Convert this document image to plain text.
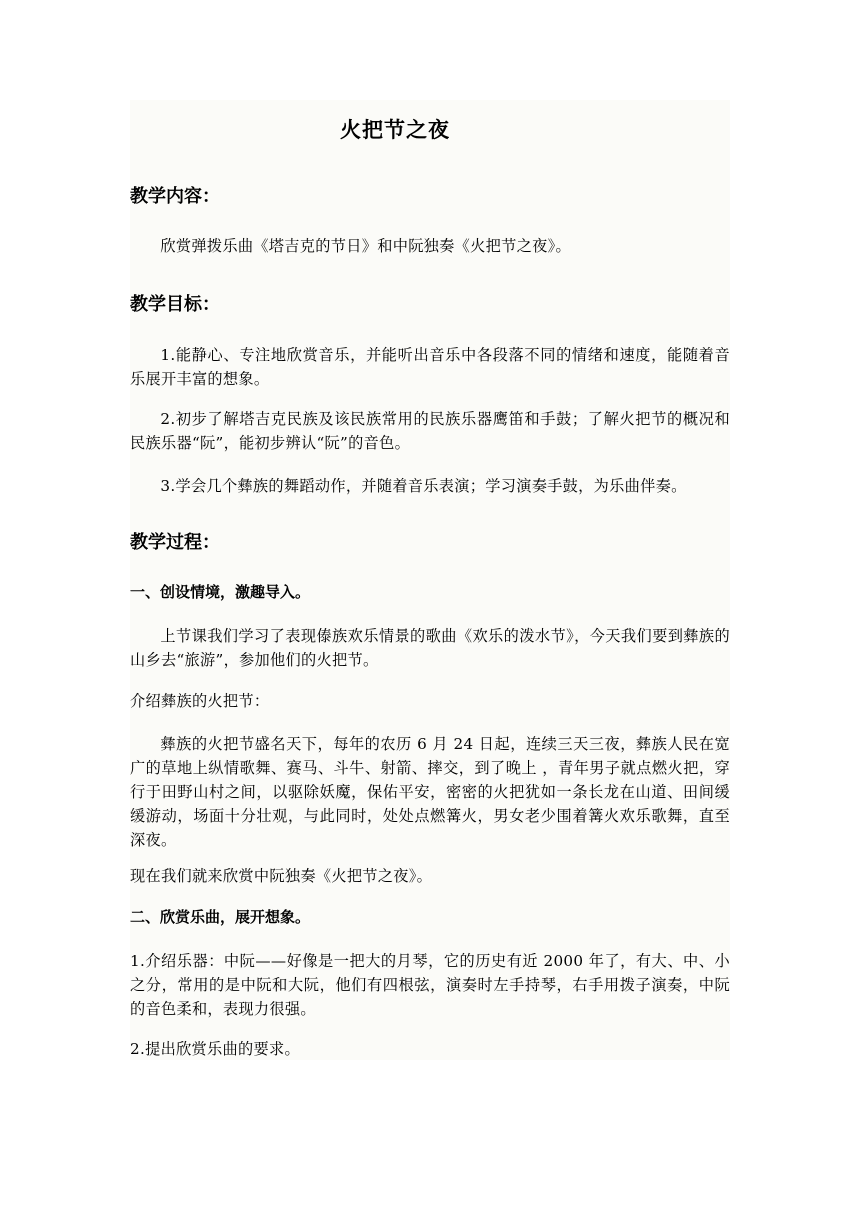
火把节之夜
教学内容：
欣赏弹拨乐曲《塔吉克的节日》和中阮独奏《火把节之夜》。
教学目标：
1.能静心、专注地欣赏音乐，并能听出音乐中各段落不同的情绪和速度，能随着音乐展开丰富的想象。
2.初步了解塔吉克民族及该民族常用的民族乐器鹰笛和手鼓；了解火把节的概况和民族乐器“阮”，能初步辨认“阮”的音色。
3.学会几个彝族的舞蹈动作，并随着音乐表演；学习演奏手鼓，为乐曲伴奏。
教学过程：
一、创设情境，激趣导入。
上节课我们学习了表现傣族欢乐情景的歌曲《欢乐的泼水节》，今天我们要到彝族的山乡去“旅游”，参加他们的火把节。
介绍彝族的火把节：
彝族的火把节盛名天下，每年的农历 6 月 24 日起，连续三天三夜，彝族人民在宽广的草地上纵情歌舞、赛马、斗牛、射箭、摔交，到了晚上 ，青年男子就点燃火把，穿行于田野山村之间，以驱除妖魔，保佑平安，密密的火把犹如一条长龙在山道、田间缓缓游动，场面十分壮观，与此同时，处处点燃篝火，男女老少围着篝火欢乐歌舞，直至深夜。
现在我们就来欣赏中阮独奏《火把节之夜》。
二、欣赏乐曲，展开想象。
1.介绍乐器：中阮——好像是一把大的月琴，它的历史有近 2000 年了，有大、中、小之分，常用的是中阮和大阮，他们有四根弦，演奏时左手持琴，右手用拨子演奏，中阮的音色柔和，表现力很强。
2.提出欣赏乐曲的要求。
